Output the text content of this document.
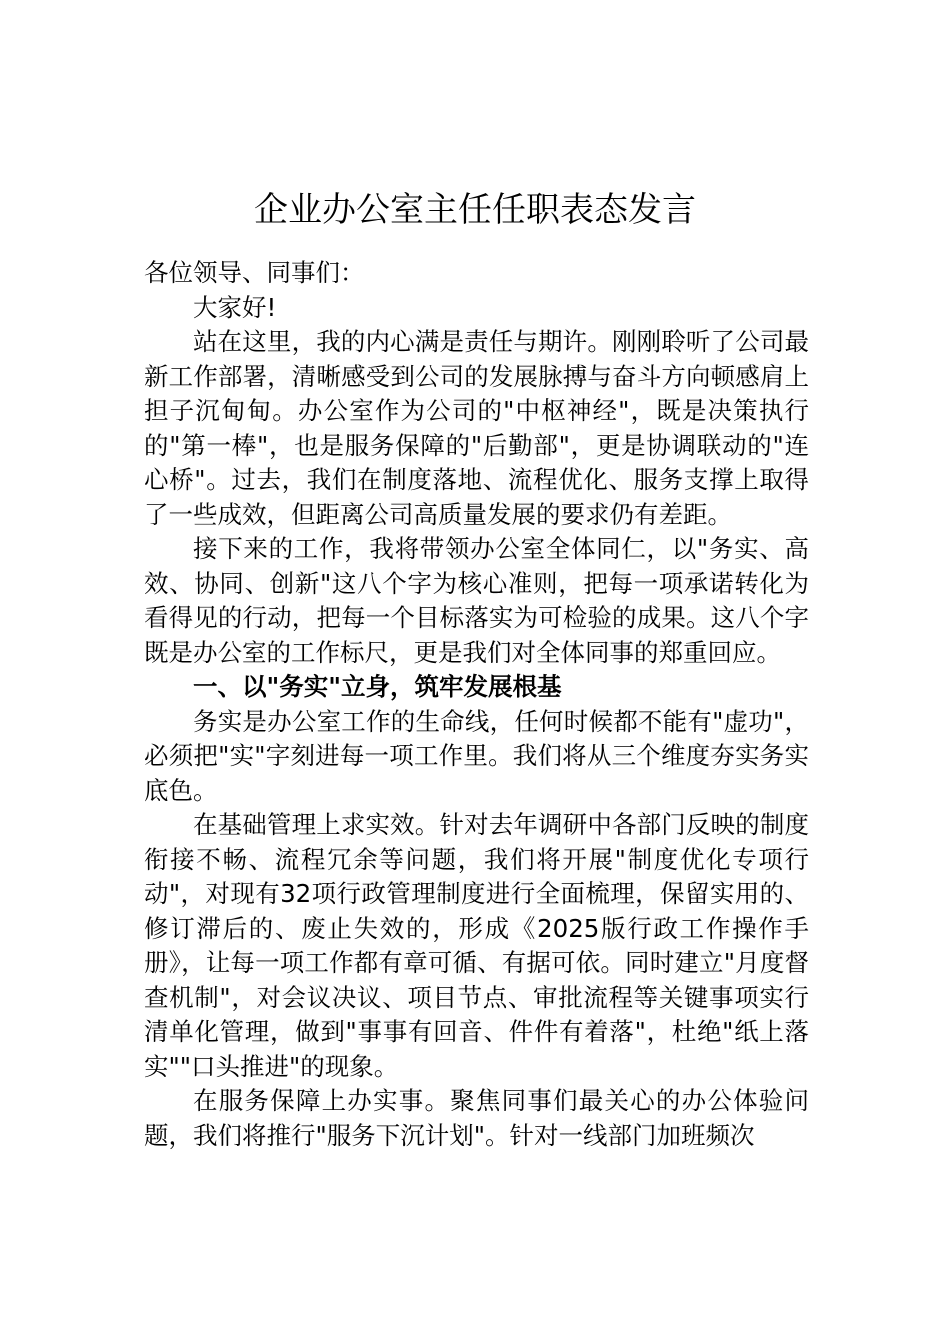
企业办公室主任任职表态发言

各位领导、同事们：

大家好!

站在这里，我的内心满是责任与期许。刚刚聆听了公司最新工作部署，清晰感受到公司的发展脉搏与奋斗方向顿感肩上担子沉甸甸。办公室作为公司的"中枢神经"，既是决策执行的"第一棒"，也是服务保障的"后勤部"，更是协调联动的"连心桥"。过去，我们在制度落地、流程优化、服务支撑上取得了一些成效，但距离公司高质量发展的要求仍有差距。

接下来的工作，我将带领办公室全体同仁，以"务实、高效、协同、创新"这八个字为核心准则，把每一项承诺转化为看得见的行动，把每一个目标落实为可检验的成果。这八个字既是办公室的工作标尺，更是我们对全体同事的郑重回应。

一、以"务实"立身，筑牢发展根基

务实是办公室工作的生命线，任何时候都不能有"虚功"，必须把"实"字刻进每一项工作里。我们将从三个维度夯实务实底色。

在基础管理上求实效。针对去年调研中各部门反映的制度衔接不畅、流程冗余等问题，我们将开展"制度优化专项行动"，对现有32项行政管理制度进行全面梳理，保留实用的、修订滞后的、废止失效的，形成《2025版行政工作操作手册》，让每一项工作都有章可循、有据可依。同时建立"月度督查机制"，对会议决议、项目节点、审批流程等关键事项实行清单化管理，做到"事事有回音、件件有着落"，杜绝"纸上落实""口头推进"的现象。

在服务保障上办实事。聚焦同事们最关心的办公体验问题，我们将推行"服务下沉计划"。针对一线部门加班频次
